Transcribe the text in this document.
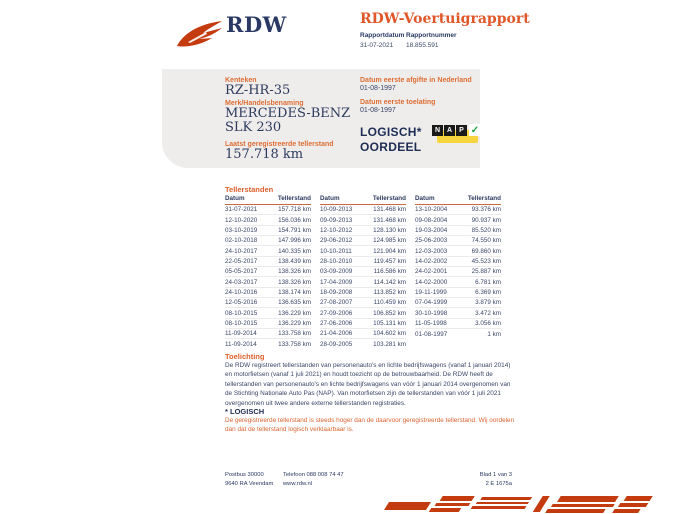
RDW	RDW-Voertuigrapport
Rapportdatum
31-07-2021
Rapportnummer
18.855.591
Kenteken
RZ-HR-35
Merk/Handelsbenaming
MERCEDES-BENZ
SLK 230
Laatst geregistreerde tellerstand
157.718 km
Datum eerste afgifte in Nederland
01-08-1997
Datum eerste toelating
01-08-1997
LOGISCH*
OORDEEL
N A	P ✓
Tellerstanden
Datum	Tellerstand
31-07-2021	157.718 km
12-10-2020	156.036 km
03-10-2019	154.791 km
02-10-2018	147.996 km
24-10-2017	140.335 km
22-05-2017	138.439 km
05-05-2017	138.326 km
24-03-2017	138.326 km
24-10-2016	138.174 km
12-05-2016	136.635 km
08-10-2015	136.229 km
08-10-2015	136.229 km
11-09-2014	133.758 km
11-09-2014	133.758 km
Datum	Tellerstand
10-09-2013	131.468 km
09-09-2013	131.468 km
12-10-2012	128.130 km
29-06-2012	124.985 km
10-10-2011	121.904 km
28-10-2010	119.457 km
03-09-2009	116.586 km
17-04-2009	114.142 km
18-09-2008	113.852 km
27-08-2007	110.459 km
27-09-2006	106.852 km
27-06-2006	105.131 km
21-04-2006	104.602 km
28-09-2005	103.281 km
Datum	Tellerstand
13-10-2004	93.376 km
09-08-2004	90.937 km
19-03-2004	85.520 km
25-06-2003	74.550 km
12-03-2003	69.860 km
14-02-2002	45.523 km
24-02-2001	25.887 km
14-02-2000	6.781 km
19-11-1999	6.369 km
07-04-1999	3.879 km
30-10-1998	3.472 km
11-05-1998	3.056 km
01-08-1997	1 km
Toelichting
De RDW registreert tellerstanden van personenauto's en lichte bedrijfswagens (vanaf 1 januari 2014) en motorfietsen (vanaf 1 juli 2021) en houdt toezicht op de betrouwbaarheid. De RDW heeft de tellerstanden van personenauto's en lichte bedrijfswagens van vóór 1 januari 2014 overgenomen van de Stichting Nationale Auto Pas (NAP). Van motorfietsen zijn de tellerstanden van vóór 1 juli 2021 overgenomen uit twee andere externe tellerstanden registraties.
* LOGISCH
De geregistreerde tellerstand is steeds hoger dan de daarvoor geregistreerde tellerstand. Wij oordelen dan dat de tellerstand logisch verklaarbaar is.
Postbus 30000
9640 RA Veendam
Telefoon 088 008 74 47
www.rdw.nl
Blad 1 van 3
2 E 1675a
